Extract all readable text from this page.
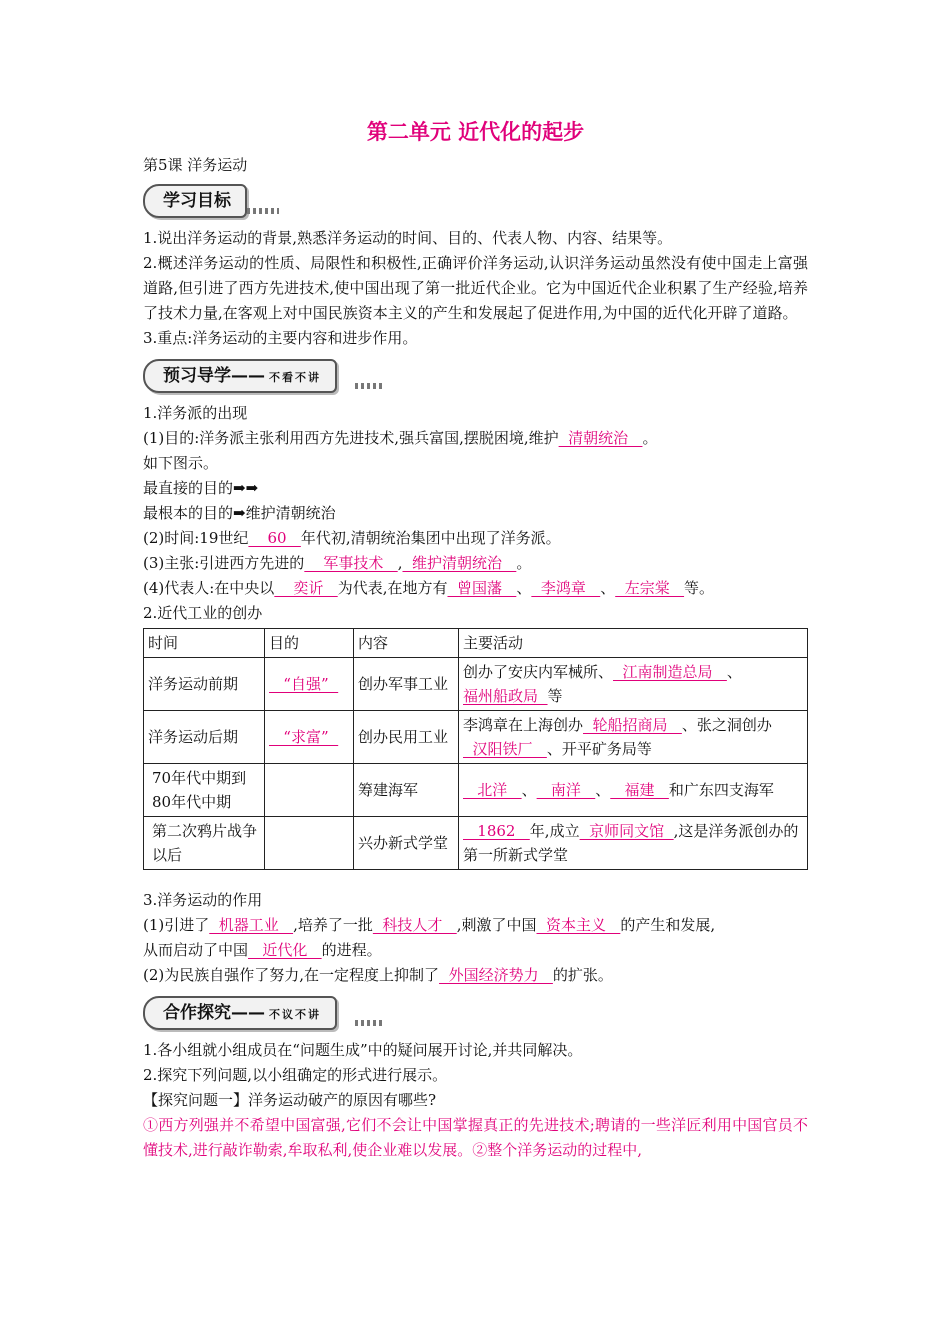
第二单元 近代化的起步

第5课 洋务运动

学习目标

1.说出洋务运动的背景,熟悉洋务运动的时间、目的、代表人物、内容、结果等。

2.概述洋务运动的性质、局限性和积极性,正确评价洋务运动,认识洋务运动虽然没有使中国走上富强道路,但引进了西方先进技术,使中国出现了第一批近代企业。它为中国近代企业积累了生产经验,培养了技术力量,在客观上对中国民族资本主义的产生和发展起了促进作用,为中国的近代化开辟了道路。

3.重点:洋务运动的主要内容和进步作用。

预习导学—— 不看不讲

1.洋务派的出现

(1)目的:洋务派主张利用西方先进技术,强兵富国,摆脱困境,维护  清朝统治   。

如下图示。

最直接的目的➡➡

最根本的目的➡维护清朝统治

(2)时间:19世纪    60   年代初,清朝统治集团中出现了洋务派。

(3)主张:引进西方先进的    军事技术   ,  维护清朝统治   。

(4)代表人:在中央以    奕䜣   为代表,在地方有  曾国藩   、  李鸿章   、  左宗棠   等。

2.近代工业的创办

时间	目的	内容	主要活动
洋务运动前期	“自强”	创办军事工业	创办了安庆内军械所、  江南制造总局   、福州船政局  等
洋务运动后期	“求富”	创办民用工业	李鸿章在上海创办  轮船招商局   、张之洞创办  汉阳铁厂   、开平矿务局等
70年代中期到80年代中期		筹建海军	北洋   、   南洋   、   福建   和广东四支海军
第二次鸦片战争以后		兴办新式学堂	1862   年,成立  京师同文馆  ,这是洋务派创办的第一所新式学堂

3.洋务运动的作用

(1)引进了  机器工业   ,培养了一批  科技人才   ,刺激了中国  资本主义   的产生和发展,

从而启动了中国   近代化   的进程。

(2)为民族自强作了努力,在一定程度上抑制了  外国经济势力   的扩张。

合作探究—— 不议不讲

1.各小组就小组成员在“问题生成”中的疑问展开讨论,并共同解决。

2.探究下列问题,以小组确定的形式进行展示。

【探究问题一】洋务运动破产的原因有哪些?

①西方列强并不希望中国富强,它们不会让中国掌握真正的先进技术;聘请的一些洋匠利用中国官员不懂技术,进行敲诈勒索,牟取私利,使企业难以发展。②整个洋务运动的过程中,
